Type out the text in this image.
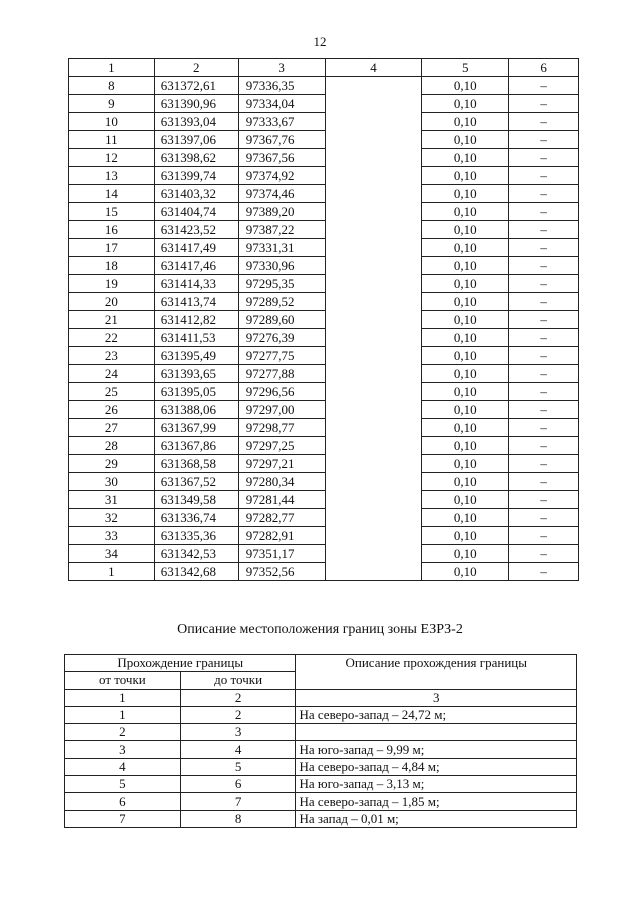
12
1	2	3	4	5	6
8	631372,61	97336,35		0,10	–
9	631390,96	97334,04		0,10	–
10	631393,04	97333,67		0,10	–
11	631397,06	97367,76		0,10	–
12	631398,62	97367,56		0,10	–
13	631399,74	97374,92		0,10	–
14	631403,32	97374,46		0,10	–
15	631404,74	97389,20		0,10	–
16	631423,52	97387,22		0,10	–
17	631417,49	97331,31		0,10	–
18	631417,46	97330,96		0,10	–
19	631414,33	97295,35		0,10	–
20	631413,74	97289,52		0,10	–
21	631412,82	97289,60		0,10	–
22	631411,53	97276,39		0,10	–
23	631395,49	97277,75		0,10	–
24	631393,65	97277,88		0,10	–
25	631395,05	97296,56		0,10	–
26	631388,06	97297,00		0,10	–
27	631367,99	97298,77		0,10	–
28	631367,86	97297,25		0,10	–
29	631368,58	97297,21		0,10	–
30	631367,52	97280,34		0,10	–
31	631349,58	97281,44		0,10	–
32	631336,74	97282,77		0,10	–
33	631335,36	97282,91		0,10	–
34	631342,53	97351,17		0,10	–
1	631342,68	97352,56		0,10	–
Описание местоположения границ зоны ЕЗРЗ-2
Прохождение границы		Описание прохождения границы
от точки	до точки	
1	2	3
1	2	На северо-запад – 24,72 м;
2	3	
3	4	На юго-запад – 9,99 м;
4	5	На северо-запад – 4,84 м;
5	6	На юго-запад – 3,13 м;
6	7	На северо-запад – 1,85 м;
7	8	На запад – 0,01 м;
